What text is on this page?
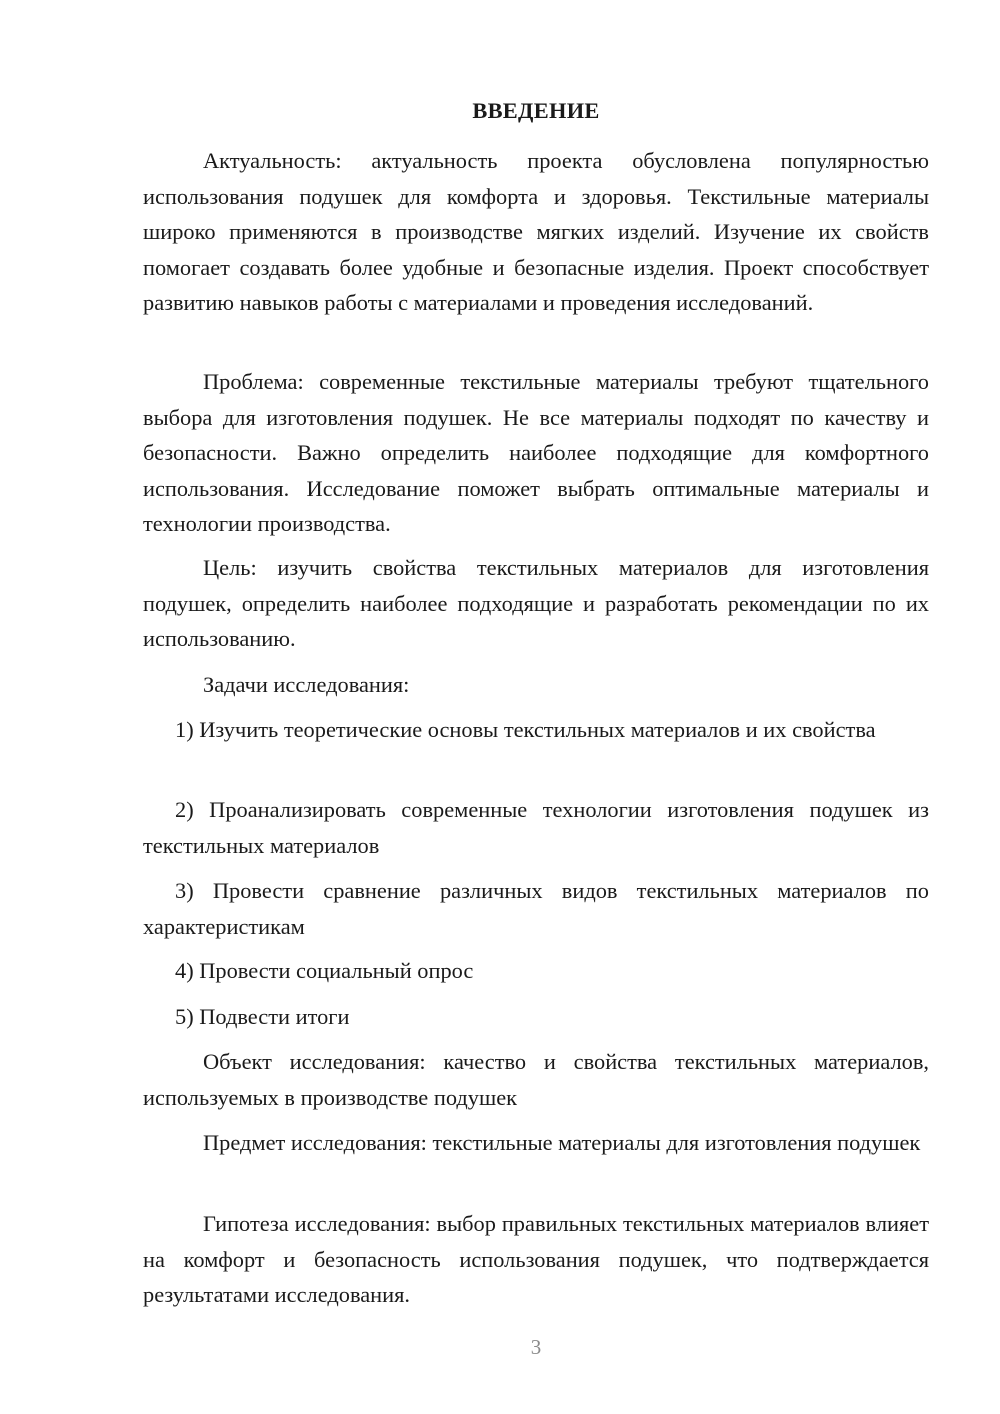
ВВЕДЕНИЕ

Актуальность: актуальность проекта обусловлена популярностью использования подушек для комфорта и здоровья. Текстильные материалы широко применяются в производстве мягких изделий. Изучение их свойств помогает создавать более удобные и безопасные изделия. Проект способствует развитию навыков работы с материалами и проведения исследований.

Проблема: современные текстильные материалы требуют тщательного выбора для изготовления подушек. Не все материалы подходят по качеству и безопасности. Важно определить наиболее подходящие для комфортного использования. Исследование поможет выбрать оптимальные материалы и технологии производства.

Цель: изучить свойства текстильных материалов для изготовления подушек, определить наиболее подходящие и разработать рекомендации по их использованию.

Задачи исследования:

1) Изучить теоретические основы текстильных материалов и их свойства

2) Проанализировать современные технологии изготовления подушек из текстильных материалов

3) Провести сравнение различных видов текстильных материалов по характеристикам

4) Провести социальный опрос

5) Подвести итоги

Объект исследования: качество и свойства текстильных материалов, используемых в производстве подушек

Предмет исследования: текстильные материалы для изготовления подушек

Гипотеза исследования: выбор правильных текстильных материалов влияет на комфорт и безопасность использования подушек, что подтверждается результатами исследования.

3
